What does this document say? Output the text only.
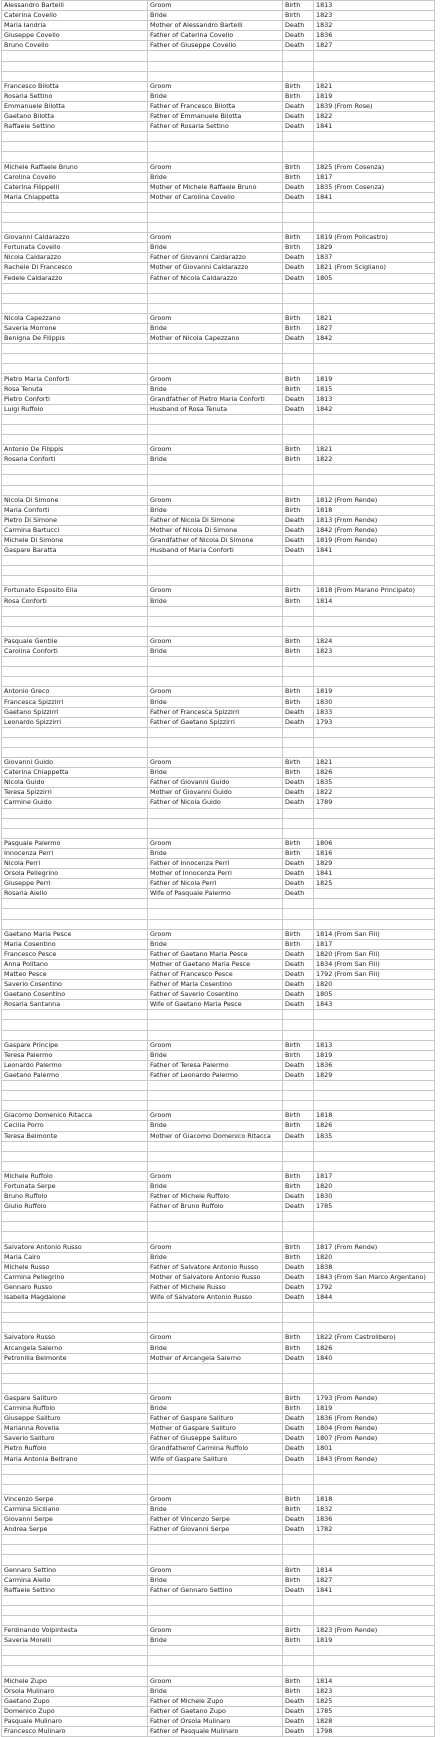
Alessandro Bartelli	Groom	Birth	1813
Caterina Covello	Bride	Birth	1823
Maria Iandria	Mother of Alessandro Bartelli	Death	1832
Giuseppe Covello	Father of Caterina Covello	Death	1836
Bruno Covello	Father of Giuseppe Covello	Death	1827

Francesco Bilotta	Groom	Birth	1821
Rosaria Settino	Bride	Birth	1819
Emmanuele Bilotta	Father of Francesco Bilotta	Death	1839 (From Rose)
Gaetano Bilotta	Father of Emmanuele Bilotta	Death	1822
Raffaele Settino	Father of Rosaria Settino	Death	1841

Michele Raffaele Bruno	Groom	Birth	1825 (From Cosenza)
Carolina Covello	Bride	Birth	1817
Caterina Filippelli	Mother of Michele Raffaele Bruno	Death	1835 (From Cosenza)
Maria Chiappetta	Mother of Carolina Covello	Death	1841

Giovanni Caldarazzo	Groom	Birth	1819 (From Policastro)
Fortunata Covello	Bride	Birth	1829
Nicola Caldarazzo	Father of Giovanni Caldarazzo	Death	1837
Rachele Di Francesco	Mother of Giovanni Caldarazzo	Death	1821 (From Scigliano)
Fedele Caldarazzo	Father of Nicola Caldarazzo	Death	1805

Nicola Capezzano	Groom	Birth	1821
Saveria Morrone	Bride	Birth	1827
Benigna De Filippis	Mother of Nicola Capezzano	Death	1842

Pietro Maria Conforti	Groom	Birth	1819
Rosa Tenuta	Bride	Birth	1815
Pietro Conforti	Grandfather of Pietro Maria Conforti	Death	1813
Luigi Ruffolo	Husband of Rosa Tenuta	Death	1842

Antonio De Filippis	Groom	Birth	1821
Rosaria Conforti	Bride	Birth	1822

Nicola Di Simone	Groom	Birth	1812 (From Rende)
Maria Conforti	Bride	Birth	1818
Pietro Di Simone	Father of Nicola Di Simone	Death	1813 (From Rende)
Carmina Bartucci	Mother of Nicola Di Simone	Death	1842 (From Rende)
Michele Di Simone	Grandfather of Nicola Di Simone	Death	1819 (From Rende)
Gaspare Baratta	Husband of Maria Conforti	Death	1841

Fortunato Esposito Elia	Groom	Birth	1818 (From Marano Principato)
Rosa Conforti	Bride	Birth	1814

Pasquale Gentile	Groom	Birth	1824
Carolina Conforti	Bride	Birth	1823

Antonio Greco	Groom	Birth	1819
Francesca Spizzirri	Bride	Birth	1830
Gaetano Spizzirri	Father of Francesca Spizzirri	Death	1833
Leonardo Spizzirri	Father of Gaetano Spizzirri	Death	1793

Giovanni Guido	Groom	Birth	1821
Caterina Chiappetta	Bride	Birth	1826
Nicola Guido	Father of Giovanni Guido	Death	1835
Teresa Spizzirri	Mother of Giovanni Guido	Death	1822
Carmine Guido	Father of Nicola Guido	Death	1789

Pasquale Palermo	Groom	Birth	1806
Innocenza Perri	Bride	Birth	1816
Nicola Perri	Father of Innocenza Perri	Death	1829
Orsola Pellegrino	Mother of Innocenza Perri	Death	1841
Giuseppe Perri	Father of Nicola Perri	Death	1825
Rosaria Aiello	Wife of Pasquale Palermo	Death	

Gaetano Maria Pesce	Groom	Birth	1814 (From San Fili)
Maria Cosentino	Bride	Birth	1817
Francesco Pesce	Father of Gaetano Maria Pesce	Death	1820 (From San Fili)
Anna Politano	Mother of Gaetano Maria Pesce	Death	1834 (From San Fili)
Matteo Pesce	Father of Francesco Pesce	Death	1792 (From San Fili)
Saverio Cosentino	Father of Maria Cosentino	Death	1820
Gaetano Cosentino	Father of Saverio Cosentino	Death	1805
Rosaria Santanna	Wife of Gaetano Maria Pesce	Death	1843

Gaspare Principe	Groom	Birth	1813
Teresa Palermo	Bride	Birth	1819
Leonardo Palermo	Father of Teresa Palermo	Death	1836
Gaetano Palermo	Father of Leonardo Palermo	Death	1829

Giacomo Domenico Ritacca	Groom	Birth	1818
Cecilia Porro	Bride	Birth	1826
Teresa Belmonte	Mother of Giacomo Domenico Ritacca	Death	1835

Michele Ruffolo	Groom	Birth	1817
Fortunata Serpe	Bride	Birth	1820
Bruno Ruffolo	Father of Michele Ruffolo	Death	1830
Giulio Ruffolo	Father of Bruno Ruffolo	Death	1785

Salvatore Antonio Russo	Groom	Birth	1817 (From Rende)
Maria Cairo	Bride	Birth	1820
Michele Russo	Father of Salvatore Antonio Russo	Death	1838
Carmina Pellegrino	Mother of Salvatore Antonio Russo	Death	1843 (From San Marco Argentano)
Gennaro Russo	Father of Michele Russo	Death	1792
Isabella Magdalone	Wife of Salvatore Antonio Russo	Death	1844

Salvatore Russo	Groom	Birth	1822 (From Castrolibero)
Arcangela Salerno	Bride	Birth	1826
Petronilla Belmonte	Mother of Arcangela Salerno	Death	1840

Gaspare Salituro	Groom	Birth	1793 (From Rende)
Carmina Ruffolo	Bride	Birth	1819
Giuseppe Salituro	Father of Gaspare Salituro	Death	1836 (From Rende)
Marianna Rovella	Mother of Gaspare Salituro	Death	1804 (From Rende)
Saverio Salituro	Father of Giuseppe Salituro	Death	1807 (From Rende)
Pietro Ruffolo	Grandfatherof Carmina Ruffolo	Death	1801
Maria Antonia Beltrano	Wife of Gaspare Salituro	Death	1843 (From Rende)

Vincenzo Serpe	Groom	Birth	1818
Carmina Siciliano	Bride	Birth	1832
Giovanni Serpe	Father of Vincenzo Serpe	Death	1836
Andrea Serpe	Father of Giovanni Serpe	Death	1782

Gennaro Settino	Groom	Birth	1814
Carmina Aiello	Bride	Birth	1827
Raffaele Settino	Father of Gennaro Settino	Death	1841

Ferdinando Volpintesta	Groom	Birth	1823 (From Rende)
Saveria Morelli	Bride	Birth	1819

Michele Zupo	Groom	Birth	1814
Orsola Mulinaro	Bride	Birth	1823
Gaetano Zupo	Father of Michele Zupo	Death	1825
Domenico Zupo	Father of Gaetano Zupo	Death	1785
Pasquale Mulinaro	Father of Orsola Mulinaro	Death	1828
Francesco Mulinaro	Father of Pasquale Mulinaro	Death	1798
